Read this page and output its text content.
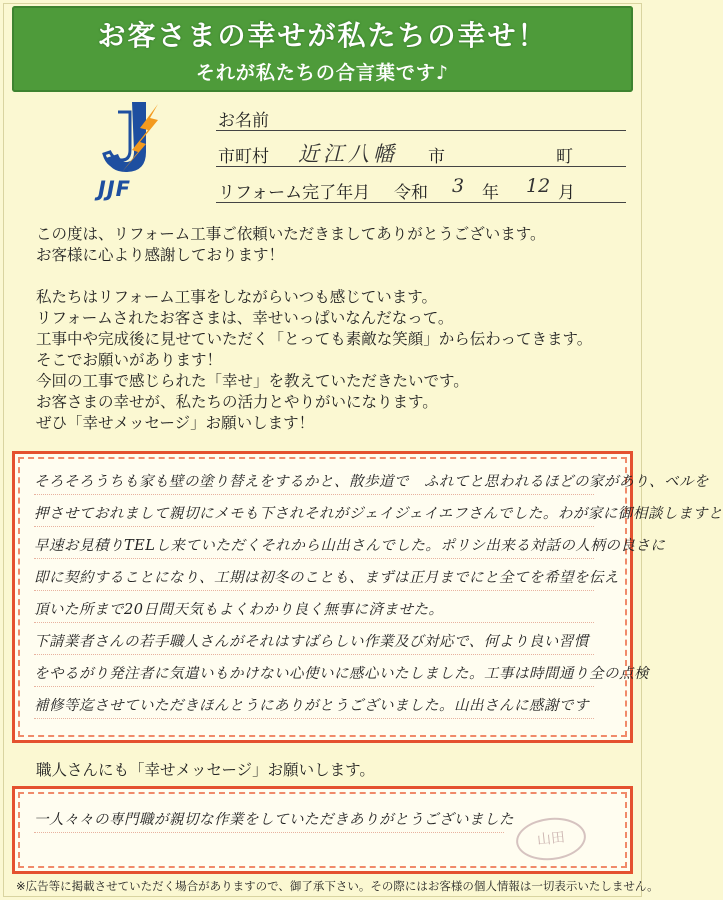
お客さまの幸せが私たちの幸せ！
それが私たちの合言葉です♪
JJF
お名前
市町村 近江八幡 市	町
リフォーム完了年月 令和 3 年 12 月
この度は、リフォーム工事ご依頼いただきましてありがとうございます。
お客様に心より感謝しております！
私たちはリフォーム工事をしながらいつも感じています。
リフォームされたお客さまは、幸せいっぱいなんだなって。
工事中や完成後に見せていただく「とっても素敵な笑顔」から伝わってきます。
そこでお願いがあります！
今回の工事で感じられた「幸せ」を教えていただきたいです。
お客さまの幸せが、私たちの活力とやりがいになります。
ぜひ「幸せメッセージ」お願いします！
そろそろうちも家も壁の塗り替えをするかと、散歩道で　ふれてと思われるほどの家があり、ベルを
押させておれまして親切にメモも下されそれがジェイジェイエフさんでした。わが家に御相談しますと
早速お見積りTELし来ていただくそれから山出さんでした。ポリシ出来る対話の人柄の良さに
即に契約することになり、工期は初冬のことも、まずは正月までにと全てを希望を伝え
頂いた所まで20日間天気もよくわかり良く無事に済ませた。
下請業者さんの若手職人さんがそれはすばらしい作業及び対応で、何より良い習慣
をやるがり発注者に気遣いもかけない心使いに感心いたしました。工事は時間通り全の点検
補修等迄させていただきほんとうにありがとうございました。山出さんに感謝です
職人さんにも「幸せメッセージ」お願いします。
一人々々の専門職が親切な作業をしていただきありがとうございました
山田
※広告等に掲載させていただく場合がありますので、御了承下さい。その際にはお客様の個人情報は一切表示いたしません。
